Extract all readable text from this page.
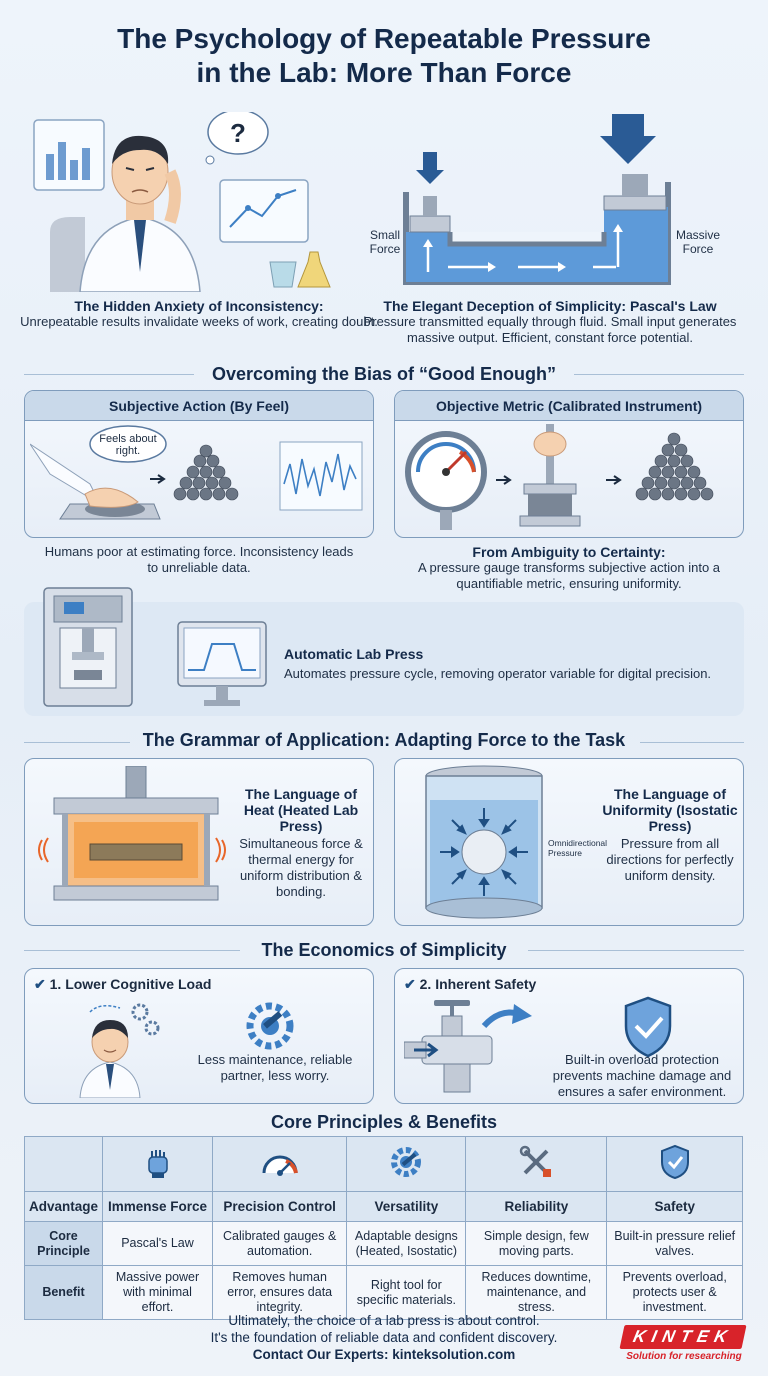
The Psychology of Repeatable Pressure
in the Lab: More Than Force
?
Small Force
Massive Force
The Hidden Anxiety of Inconsistency:
Unrepeatable results invalidate weeks of work, creating doubt.
The Elegant Deception of Simplicity: Pascal's Law
Pressure transmitted equally through fluid. Small input generates massive output. Efficient, constant force potential.
Overcoming the Bias of “Good Enough”
Subjective Action (By Feel)
Feels about
right.
Objective Metric (Calibrated Instrument)
Humans poor at estimating force. Inconsistency leads to unreliable data.
From Ambiguity to Certainty:
A pressure gauge transforms subjective action into a quantifiable metric, ensuring uniformity.
Automatic Lab Press
Automates pressure cycle, removing operator variable for digital precision.
The Grammar of Application: Adapting Force to the Task
The Language of Heat (Heated Lab Press)
Simultaneous force & thermal energy for uniform distribution & bonding.
Omnidirectional Pressure
The Language of Uniformity (Isostatic Press)
Pressure from all directions for perfectly uniform density.
The Economics of Simplicity
✔ 1. Lower Cognitive Load
Less maintenance, reliable partner, less worry.
✔ 2. Inherent Safety
Built-in overload protection prevents machine damage and ensures a safer environment.
Core Principles & Benefits

Advantage	Immense Force	Precision Control	Versatility	Reliability	Safety
Core Principle	Pascal's Law	Calibrated gauges & automation.	Adaptable designs (Heated, Isostatic)	Simple design, few moving parts.	Built-in pressure relief valves.
Benefit	Massive power with minimal effort.	Removes human error, ensures data integrity.	Right tool for specific materials.	Reduces downtime, maintenance, and stress.	Prevents overload, protects user & investment.
Ultimately, the choice of a lab press is about control.
It's the foundation of reliable data and confident discovery.
Contact Our Experts: kinteksolution.com
KINTEK
Solution for researching
